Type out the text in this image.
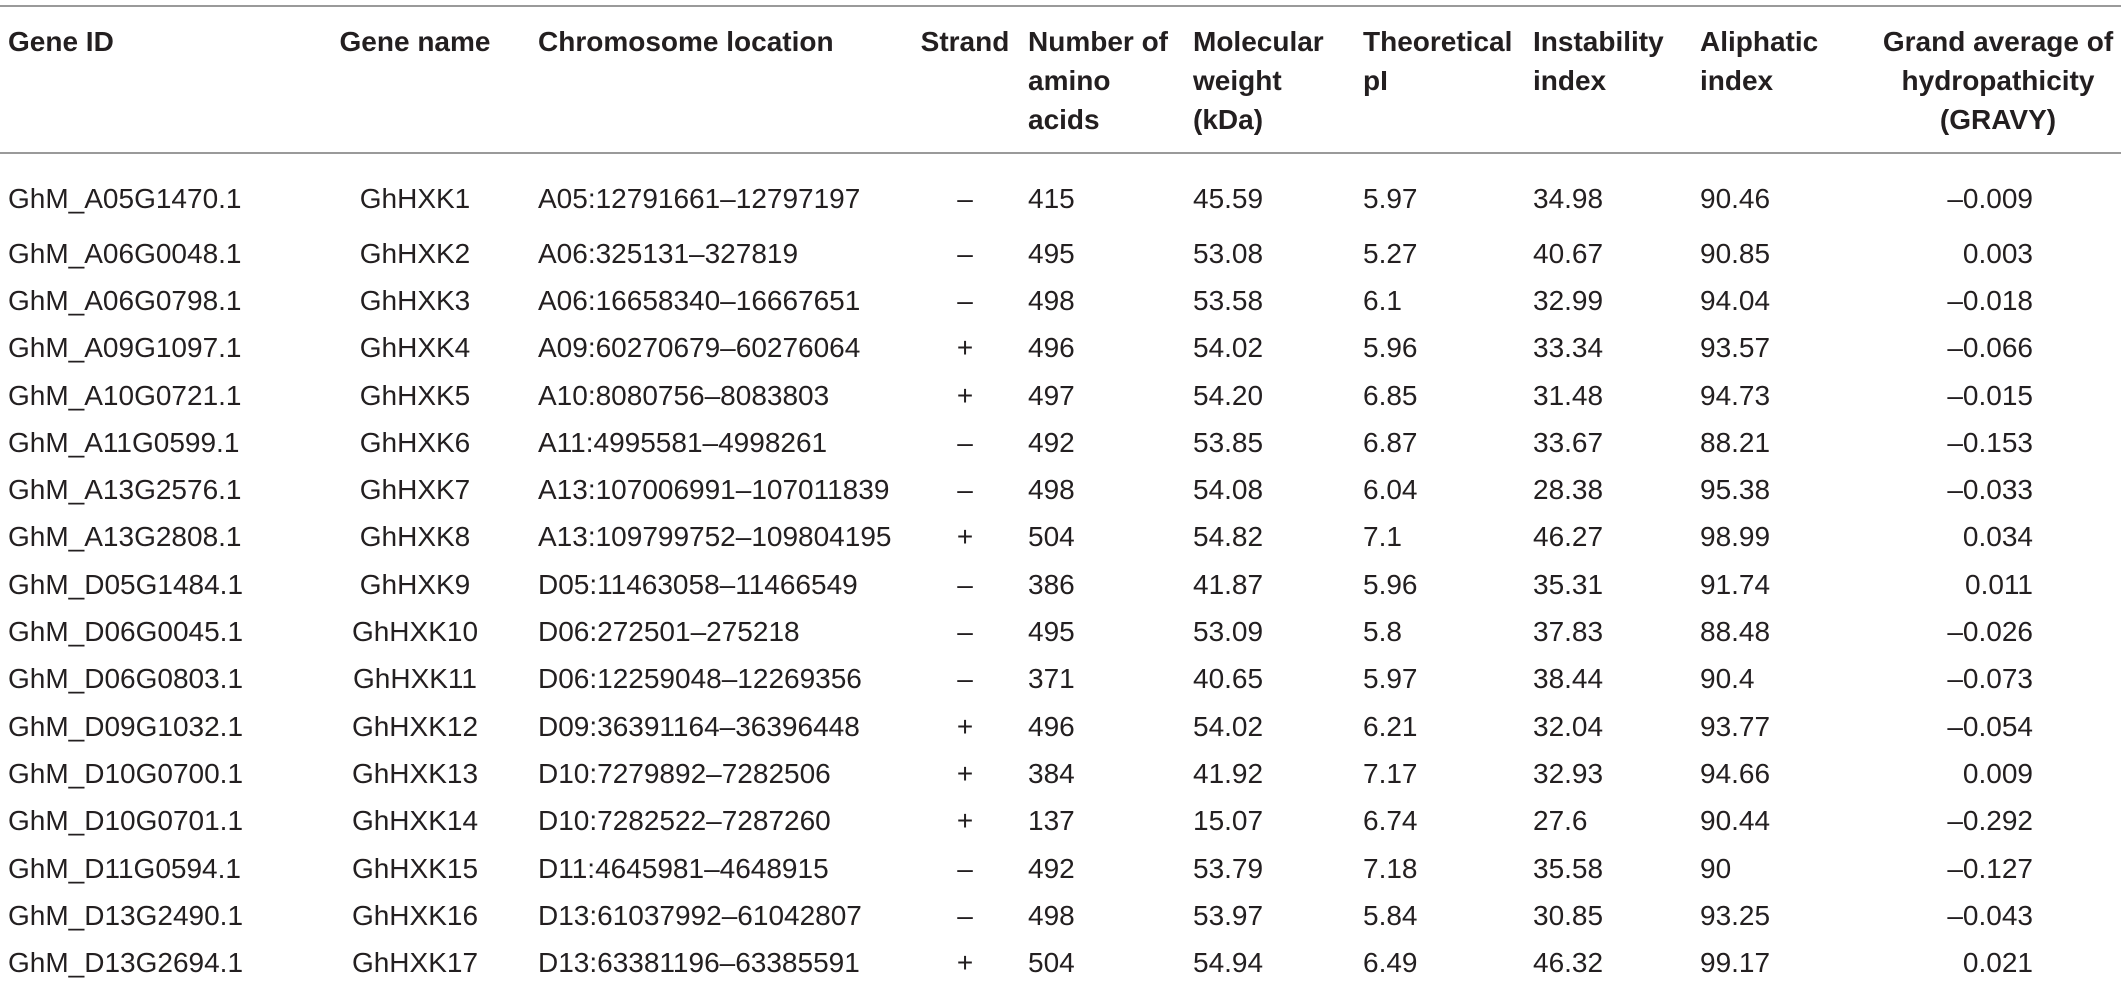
Gene ID	Gene name	Chromosome location	Strand	Number of amino acids	Molecular weight (kDa)	Theoretical pI	Instability index	Aliphatic index	Grand average of hydropathicity (GRAVY)
GhM_A05G1470.1	GhHXK1	A05:12791661–12797197	–	415	45.59	5.97	34.98	90.46	–0.009
GhM_A06G0048.1	GhHXK2	A06:325131–327819	–	495	53.08	5.27	40.67	90.85	0.003
GhM_A06G0798.1	GhHXK3	A06:16658340–16667651	–	498	53.58	6.1	32.99	94.04	–0.018
GhM_A09G1097.1	GhHXK4	A09:60270679–60276064	+	496	54.02	5.96	33.34	93.57	–0.066
GhM_A10G0721.1	GhHXK5	A10:8080756–8083803	+	497	54.20	6.85	31.48	94.73	–0.015
GhM_A11G0599.1	GhHXK6	A11:4995581–4998261	–	492	53.85	6.87	33.67	88.21	–0.153
GhM_A13G2576.1	GhHXK7	A13:107006991–107011839	–	498	54.08	6.04	28.38	95.38	–0.033
GhM_A13G2808.1	GhHXK8	A13:109799752–109804195	+	504	54.82	7.1	46.27	98.99	0.034
GhM_D05G1484.1	GhHXK9	D05:11463058–11466549	–	386	41.87	5.96	35.31	91.74	0.011
GhM_D06G0045.1	GhHXK10	D06:272501–275218	–	495	53.09	5.8	37.83	88.48	–0.026
GhM_D06G0803.1	GhHXK11	D06:12259048–12269356	–	371	40.65	5.97	38.44	90.4	–0.073
GhM_D09G1032.1	GhHXK12	D09:36391164–36396448	+	496	54.02	6.21	32.04	93.77	–0.054
GhM_D10G0700.1	GhHXK13	D10:7279892–7282506	+	384	41.92	7.17	32.93	94.66	0.009
GhM_D10G0701.1	GhHXK14	D10:7282522–7287260	+	137	15.07	6.74	27.6	90.44	–0.292
GhM_D11G0594.1	GhHXK15	D11:4645981–4648915	–	492	53.79	7.18	35.58	90	–0.127
GhM_D13G2490.1	GhHXK16	D13:61037992–61042807	–	498	53.97	5.84	30.85	93.25	–0.043
GhM_D13G2694.1	GhHXK17	D13:63381196–63385591	+	504	54.94	6.49	46.32	99.17	0.021
